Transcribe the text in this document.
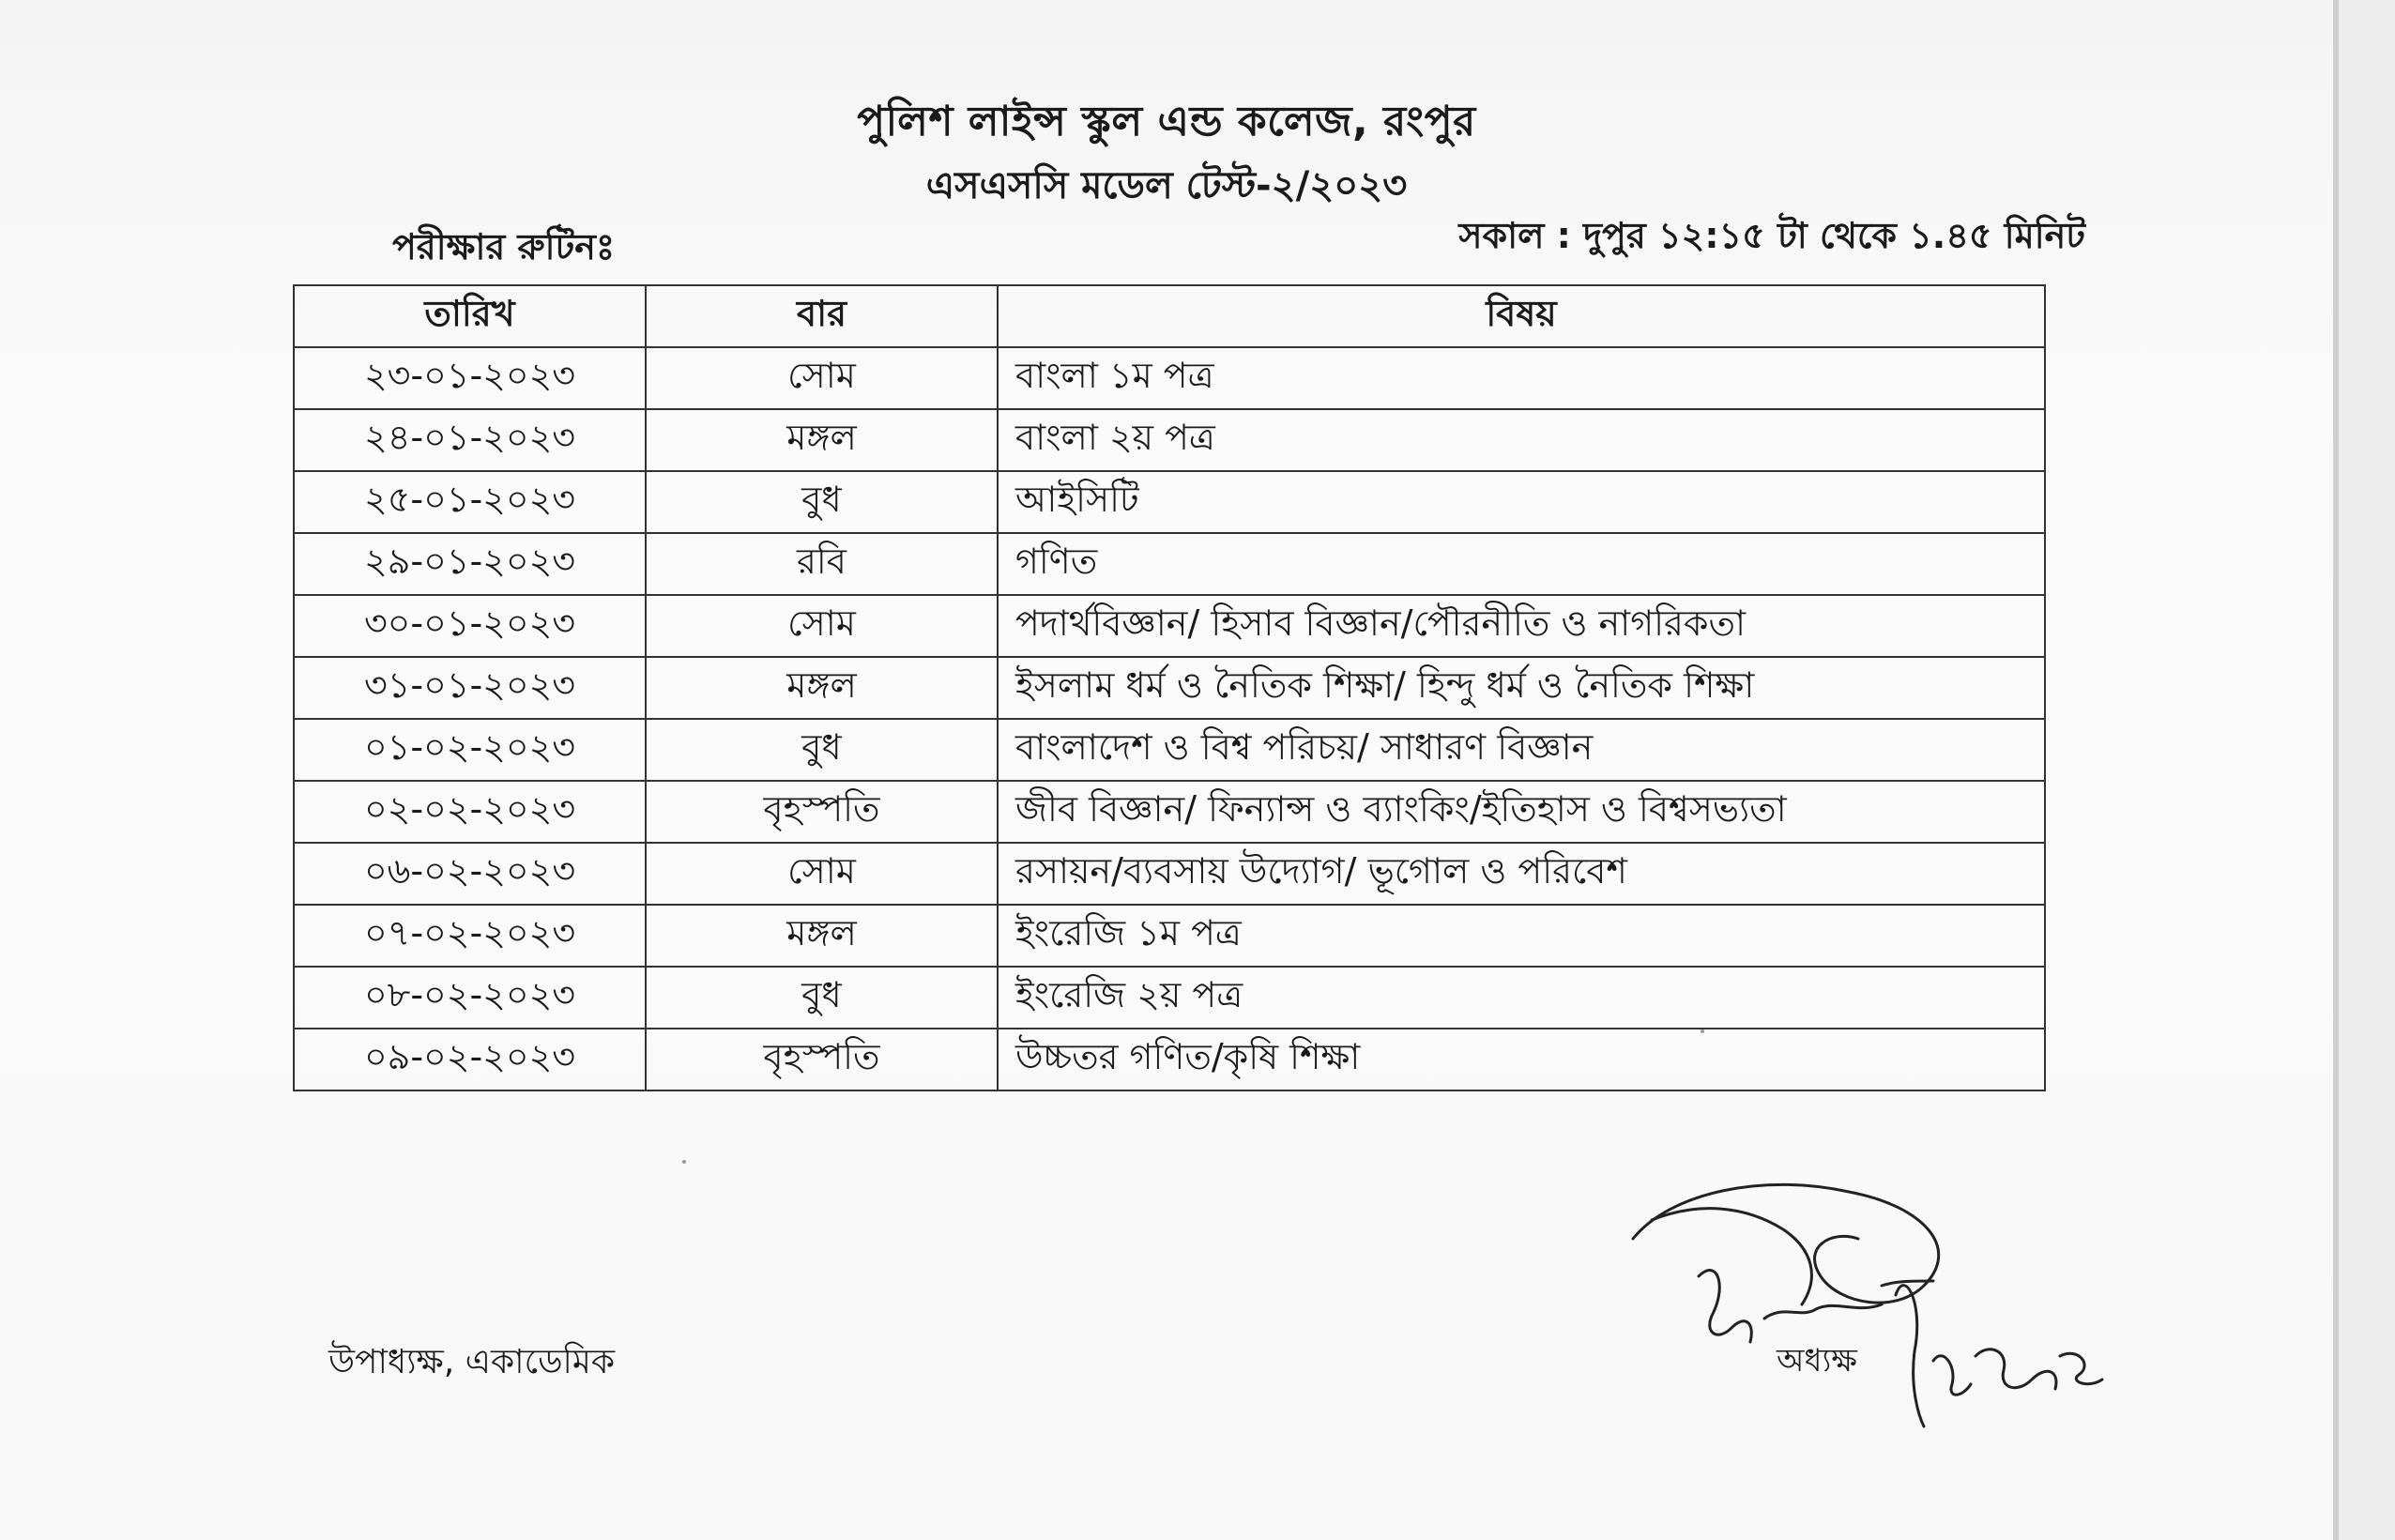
পুলিশ লাইন্স স্কুল এন্ড কলেজ, রংপুর
এসএসসি মডেল টেস্ট-২/২০২৩
পরীক্ষার রুটিনঃ	সকাল : দুপুর ১২:১৫ টা থেকে ১.৪৫ মিনিট
তারিখ	বার	বিষয়
২৩-০১-২০২৩	সোম	বাংলা ১ম পত্র
২৪-০১-২০২৩	মঙ্গল	বাংলা ২য় পত্র
২৫-০১-২০২৩	বুধ	আইসিটি
২৯-০১-২০২৩	রবি	গণিত
৩০-০১-২০২৩	সোম	পদার্থবিজ্ঞান/ হিসাব বিজ্ঞান/পৌরনীতি ও নাগরিকতা
৩১-০১-২০২৩	মঙ্গল	ইসলাম ধর্ম ও নৈতিক শিক্ষা/ হিন্দু ধর্ম ও নৈতিক শিক্ষা
০১-০২-২০২৩	বুধ	বাংলাদেশ ও বিশ্ব পরিচয়/ সাধারণ বিজ্ঞান
০২-০২-২০২৩	বৃহস্পতি	জীব বিজ্ঞান/ ফিন্যান্স ও ব্যাংকিং/ইতিহাস ও বিশ্বসভ্যতা
০৬-০২-২০২৩	সোম	রসায়ন/ব্যবসায় উদ্যোগ/ ভূগোল ও পরিবেশ
০৭-০২-২০২৩	মঙ্গল	ইংরেজি ১ম পত্র
০৮-০২-২০২৩	বুধ	ইংরেজি ২য় পত্র
০৯-০২-২০২৩	বৃহস্পতি	উচ্চতর গণিত/কৃষি শিক্ষা
উপাধ্যক্ষ, একাডেমিক	অধ্যক্ষ
